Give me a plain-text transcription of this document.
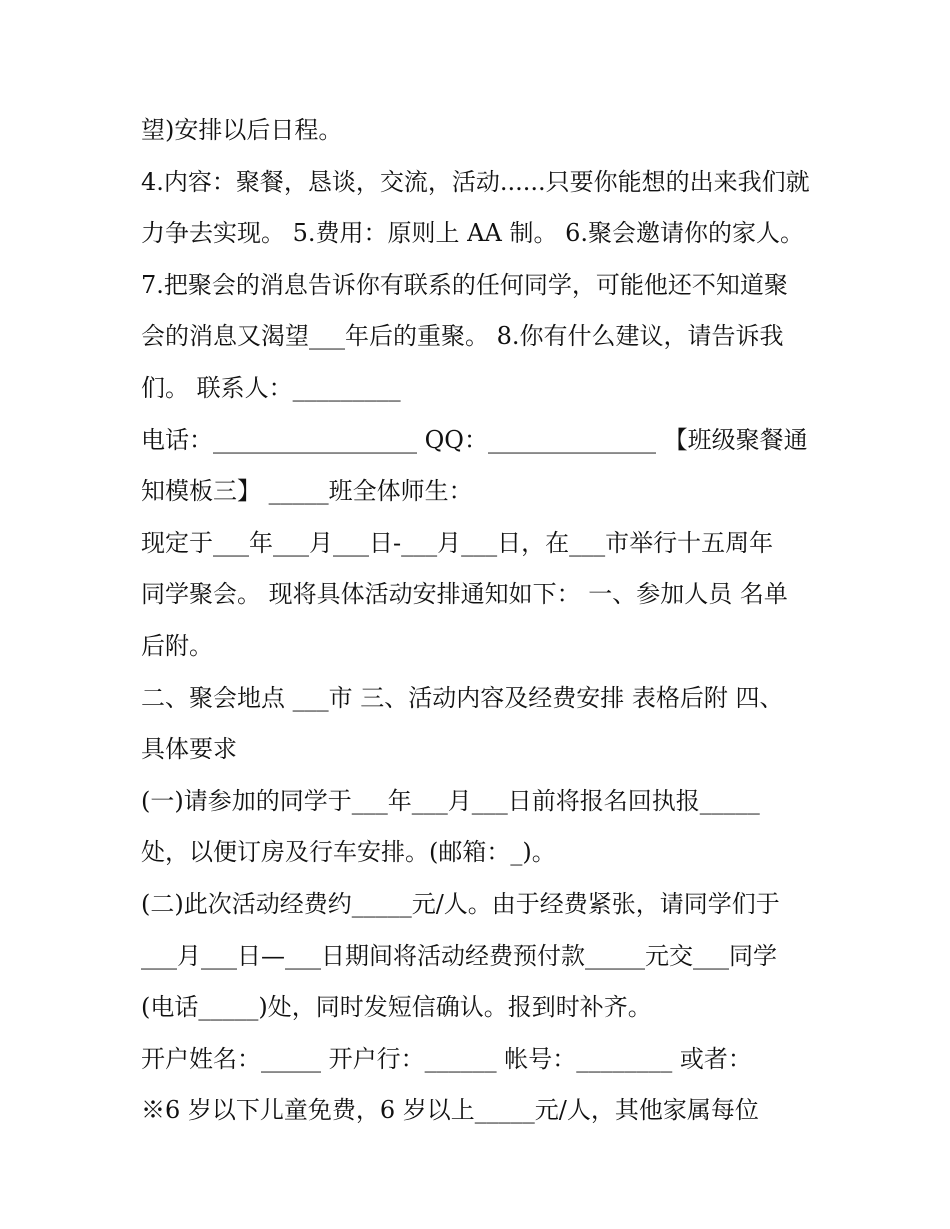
望)安排以后日程。

4.内容：聚餐，恳谈，交流，活动......只要你能想的出来我们就

力争去实现。 5.费用：原则上 AA 制。 6.聚会邀请你的家人。

7.把聚会的消息告诉你有联系的任何同学，可能他还不知道聚

会的消息又渴望___年后的重聚。 8.你有什么建议，请告诉我

们。 联系人：_________

电话：_________________ QQ：______________ 【班级聚餐通

知模板三】 _____班全体师生：

现定于___年___月___日-___月___日，在___市举行十五周年

同学聚会。 现将具体活动安排通知如下： 一、参加人员 名单

后附。

二、聚会地点 ___市 三、活动内容及经费安排 表格后附 四、

具体要求

(一)请参加的同学于___年___月___日前将报名回执报_____

处，以便订房及行车安排。(邮箱：_)。

(二)此次活动经费约_____元/人。由于经费紧张，请同学们于

___月___日—___日期间将活动经费预付款_____元交___同学

(电话_____)处，同时发短信确认。报到时补齐。

开户姓名：_____ 开户行：______ 帐号：________ 或者：

※6 岁以下儿童免费，6 岁以上_____元/人，其他家属每位
